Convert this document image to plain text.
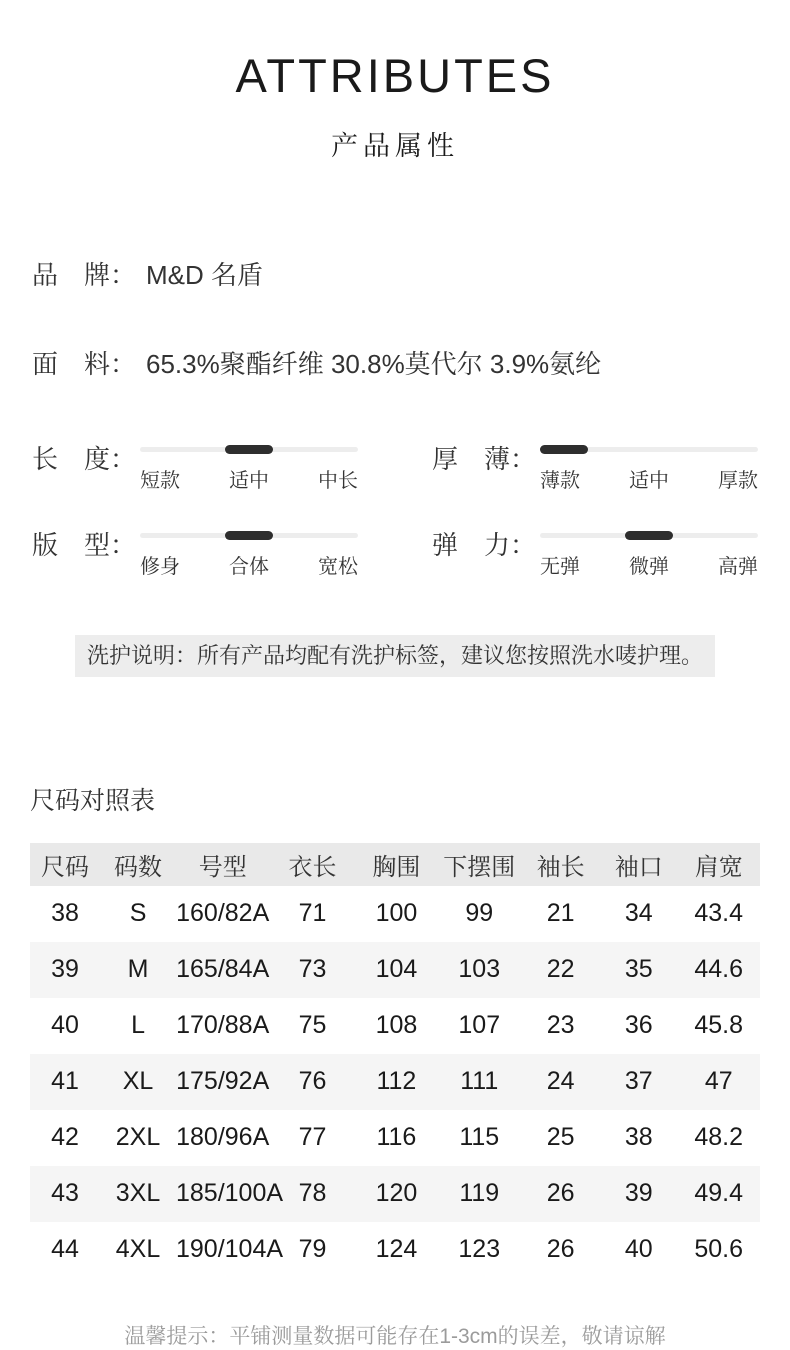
ATTRIBUTES
产品属性
品　牌： M&D 名盾
面　料： 65.3%聚酯纤维 30.8%莫代尔 3.9%氨纶
长　度：
短款 适中 中长
厚　薄：
薄款 适中 厚款
版　型：
修身 合体 宽松
弹　力：
无弹 微弹 高弹
洗护说明：所有产品均配有洗护标签，建议您按照洗水唛护理。
尺码对照表
尺码	码数	号型	衣长	胸围	下摆围	袖长	袖口	肩宽
38	S	160/82A	71	100	99	21	34	43.4
39	M	165/84A	73	104	103	22	35	44.6
40	L	170/88A	75	108	107	23	36	45.8
41	XL	175/92A	76	112	111	24	37	47
42	2XL	180/96A	77	116	115	25	38	48.2
43	3XL	185/100A	78	120	119	26	39	49.4
44	4XL	190/104A	79	124	123	26	40	50.6
温馨提示：平铺测量数据可能存在1-3cm的误差，敬请谅解
